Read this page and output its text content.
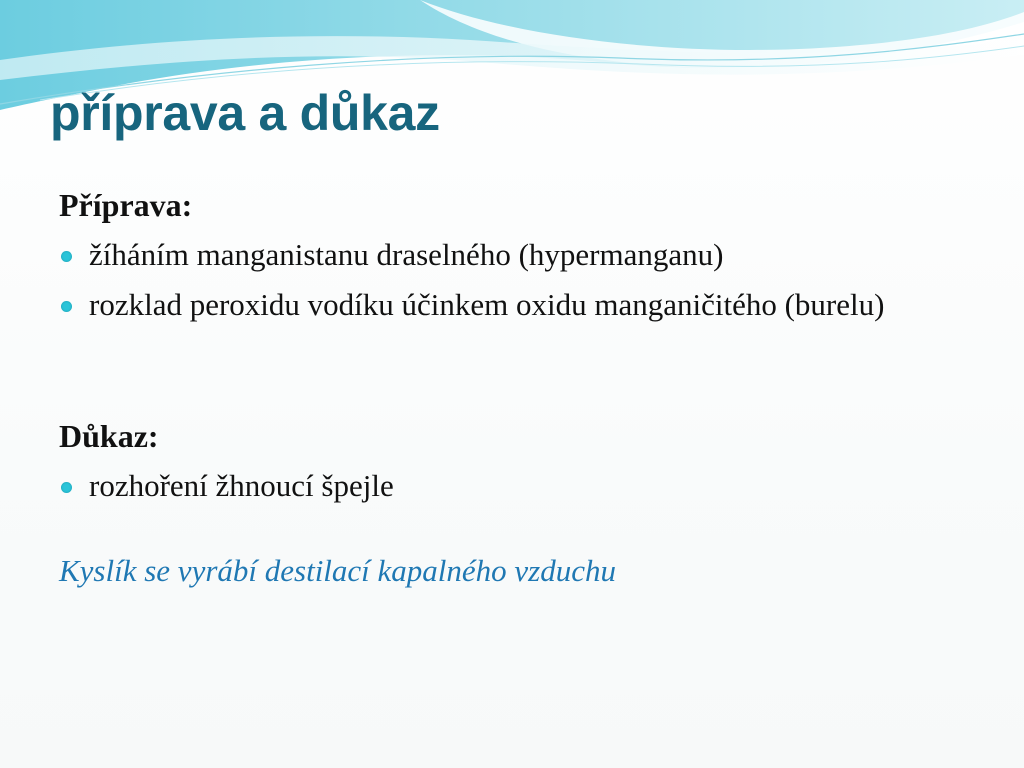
příprava a důkaz

Příprava:

žíháním manganistanu draselného (hypermanganu)
rozklad peroxidu vodíku účinkem oxidu manganičitého (burelu)

Důkaz:

rozhoření žhnoucí špejle

Kyslík se vyrábí destilací kapalného vzduchu
